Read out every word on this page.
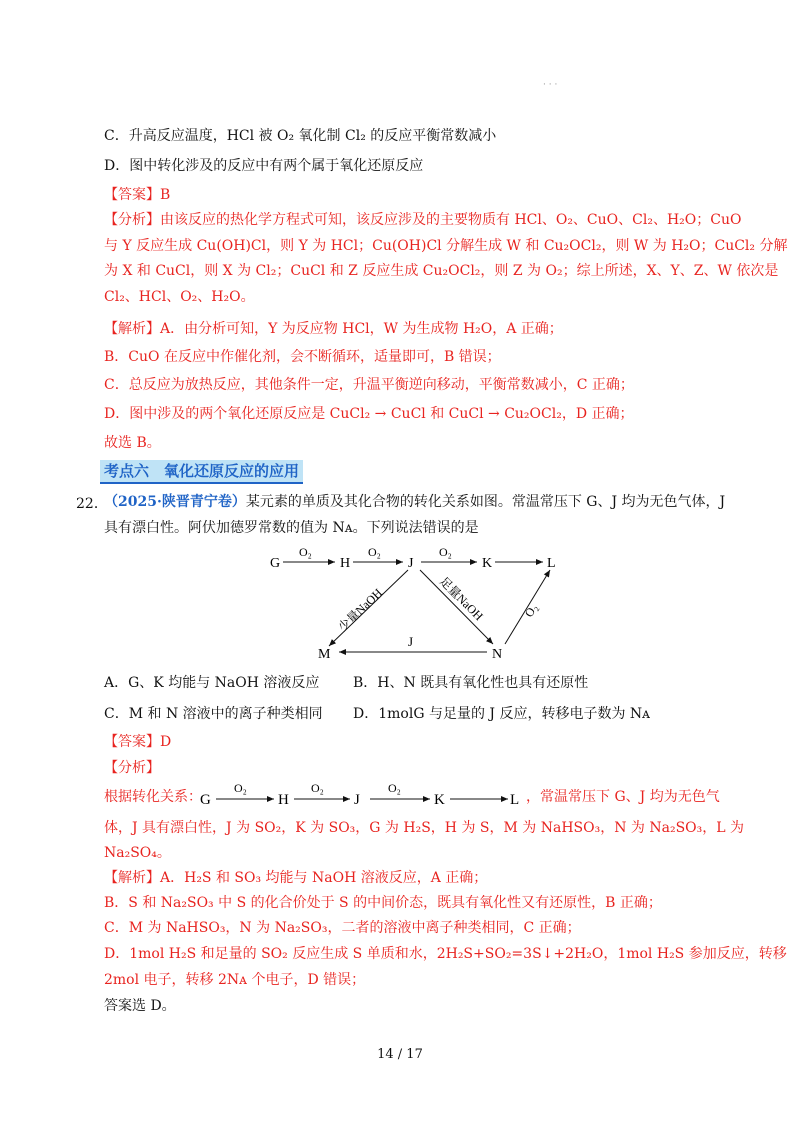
· · ·
C．升高反应温度，HCl 被 O₂ 氧化制 Cl₂ 的反应平衡常数减小
D．图中转化涉及的反应中有两个属于氧化还原反应
【答案】B
【分析】由该反应的热化学方程式可知，该反应涉及的主要物质有 HCl、O₂、CuO、Cl₂、H₂O；CuO
与 Y 反应生成 Cu(OH)Cl，则 Y 为 HCl；Cu(OH)Cl 分解生成 W 和 Cu₂OCl₂，则 W 为 H₂O；CuCl₂ 分解
为 X 和 CuCl，则 X 为 Cl₂；CuCl 和 Z 反应生成 Cu₂OCl₂，则 Z 为 O₂；综上所述，X、Y、Z、W 依次是
Cl₂、HCl、O₂、H₂O。
【解析】A．由分析可知，Y 为反应物 HCl，W 为生成物 H₂O，A 正确；
B．CuO 在反应中作催化剂，会不断循环，适量即可，B 错误；
C．总反应为放热反应，其他条件一定，升温平衡逆向移动，平衡常数减小，C 正确；
D．图中涉及的两个氧化还原反应是 CuCl₂ → CuCl 和 CuCl → Cu₂OCl₂，D 正确；
故选 B。
考点六　氧化还原反应的应用
22．
（2025·陕晋青宁卷）某元素的单质及其化合物的转化关系如图。常温常压下 G、J 均为无色气体，J
具有漂白性。阿伏加德罗常数的值为 Nᴀ。下列说法错误的是
G	H	J	K	L
M	N
O₂	O₂	O₂
少量NaOH	足量NaOH	O₂
J
A．G、K 均能与 NaOH 溶液反应 B．H、N 既具有氧化性也具有还原性
C．M 和 N 溶液中的离子种类相同 D．1molG 与足量的 J 反应，转移电子数为 Nᴀ
【答案】D
【分析】
根据转化关系：
G
O₂
H
O₂
J
O₂
K	L ，常温常压下 G、J 均为无色气
体，J 具有漂白性，J 为 SO₂，K 为 SO₃，G 为 H₂S，H 为 S，M 为 NaHSO₃，N 为 Na₂SO₃，L 为
Na₂SO₄。
【解析】A．H₂S 和 SO₃ 均能与 NaOH 溶液反应，A 正确；
B．S 和 Na₂SO₃ 中 S 的化合价处于 S 的中间价态，既具有氧化性又有还原性，B 正确；
C．M 为 NaHSO₃，N 为 Na₂SO₃，二者的溶液中离子种类相同，C 正确；
D．1mol H₂S 和足量的 SO₂ 反应生成 S 单质和水，2H₂S+SO₂=3S↓+2H₂O，1mol H₂S 参加反应，转移
2mol 电子，转移 2Nᴀ 个电子，D 错误；
答案选 D。
14 / 17
